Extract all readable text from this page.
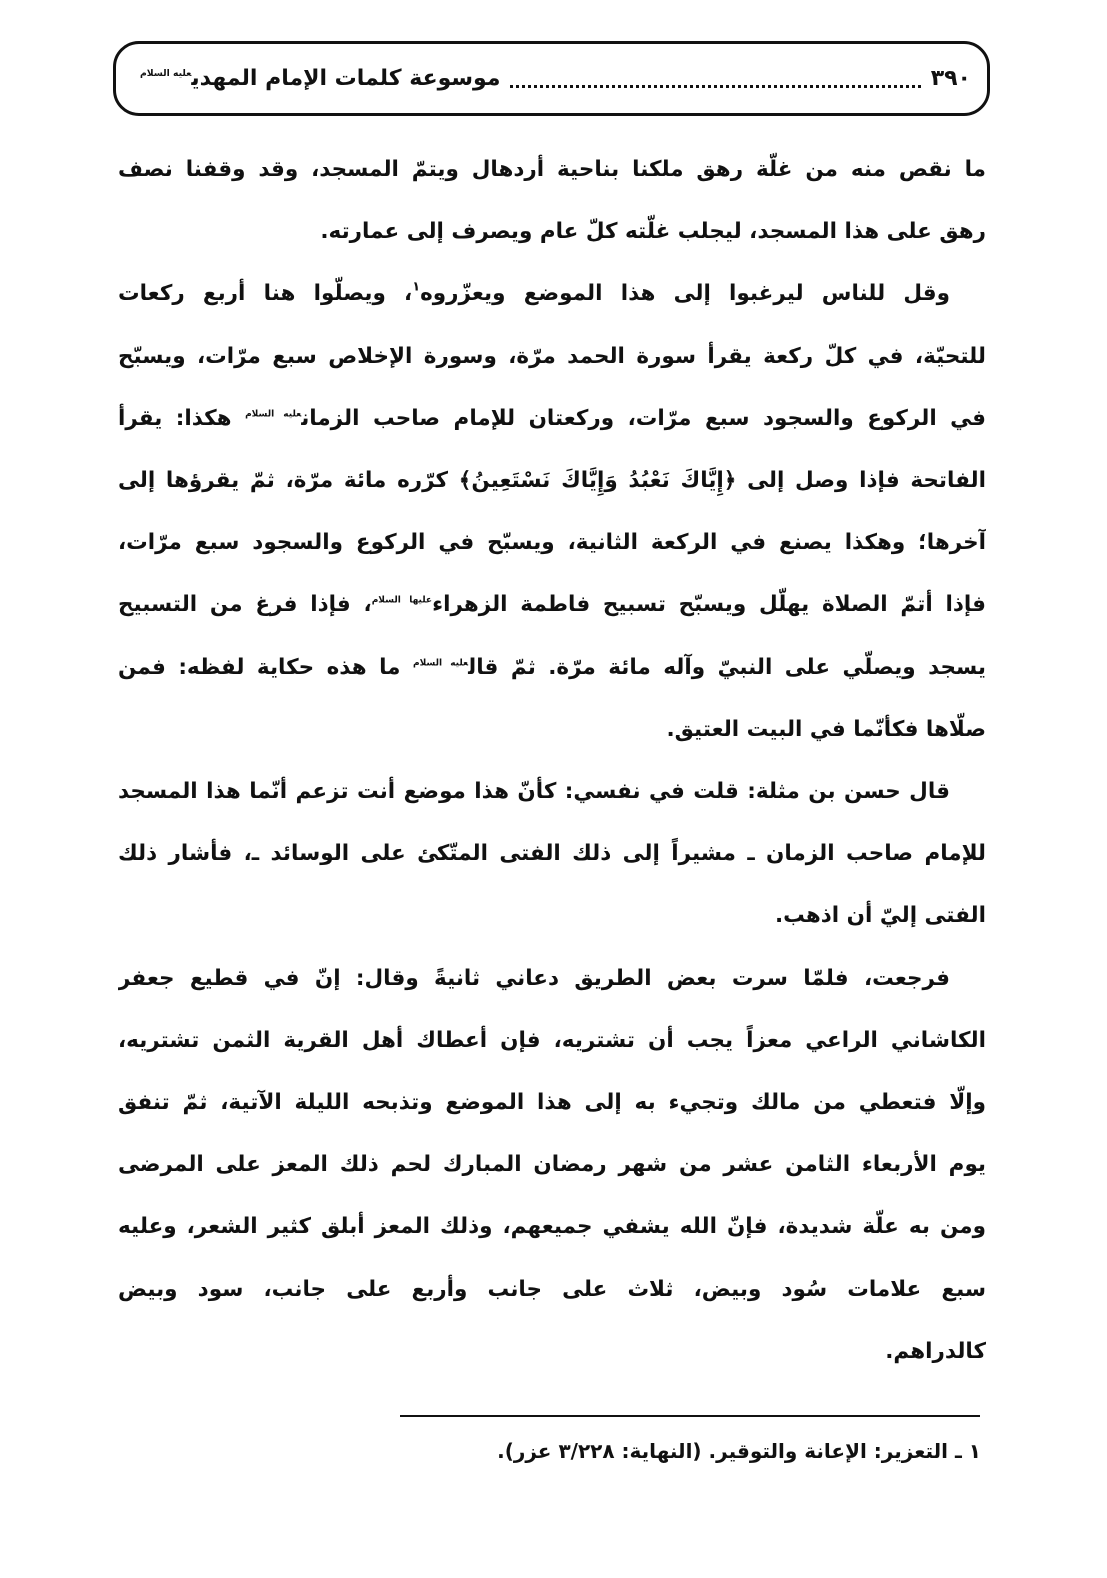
٣٩٠
موسوعة كلمات الإمام المهدي$^{عليه السلام}$
ما نقص منه من غلّة رهق ملكنا بناحية أردهال ويتمّ المسجد، وقد وقفنا نصف
رهق على هذا المسجد، ليجلب غلّته كلّ عام ويصرف إلى عمارته.
وقل للناس ليرغبوا إلى هذا الموضع ويعزّروه$^١$، ويصلّوا هنا أربع ركعات
للتحيّة، في كلّ ركعة يقرأ سورة الحمد مرّة، وسورة الإخلاص سبع مرّات، ويسبّح
في الركوع والسجود سبع مرّات، وركعتان للإمام صاحب الزمان$^{عليه السلام}$ هكذا: يقرأ
الفاتحة فإذا وصل إلى ﴿إِيَّاكَ نَعْبُدُ وَإِيَّاكَ نَسْتَعِينُ﴾ كرّره مائة مرّة، ثمّ يقرؤها إلى
آخرها؛ وهكذا يصنع في الركعة الثانية، ويسبّح في الركوع والسجود سبع مرّات،
فإذا أتمّ الصلاة يهلّل ويسبّح تسبيح فاطمة الزهراء$^{عليها السلام}$، فإذا فرغ من التسبيح
يسجد ويصلّي على النبيّ وآله مائة مرّة. ثمّ قال$^{عليه السلام}$ ما هذه حكاية لفظه: فمن
صلّاها فكأنّما في البيت العتيق.
قال حسن بن مثلة: قلت في نفسي: كأنّ هذا موضع أنت تزعم أنّما هذا المسجد
للإمام صاحب الزمان ـ مشيراً إلى ذلك الفتى المتّكئ على الوسائد ـ، فأشار ذلك
الفتى إليّ أن اذهب.
فرجعت، فلمّا سرت بعض الطريق دعاني ثانيةً وقال: إنّ في قطيع جعفر
الكاشاني الراعي معزاً يجب أن تشتريه، فإن أعطاك أهل القرية الثمن تشتريه،
وإلّا فتعطي من مالك وتجيء به إلى هذا الموضع وتذبحه الليلة الآتية، ثمّ تنفق
يوم الأربعاء الثامن عشر من شهر رمضان المبارك لحم ذلك المعز على المرضى
ومن به علّة شديدة، فإنّ الله يشفي جميعهم، وذلك المعز أبلق كثير الشعر، وعليه
سبع علامات سُود وبيض، ثلاث على جانب وأربع على جانب، سود وبيض
كالدراهم.
١ ـ التعزير: الإعانة والتوقير. (النهاية: ٣/٢٢٨ عزر).
